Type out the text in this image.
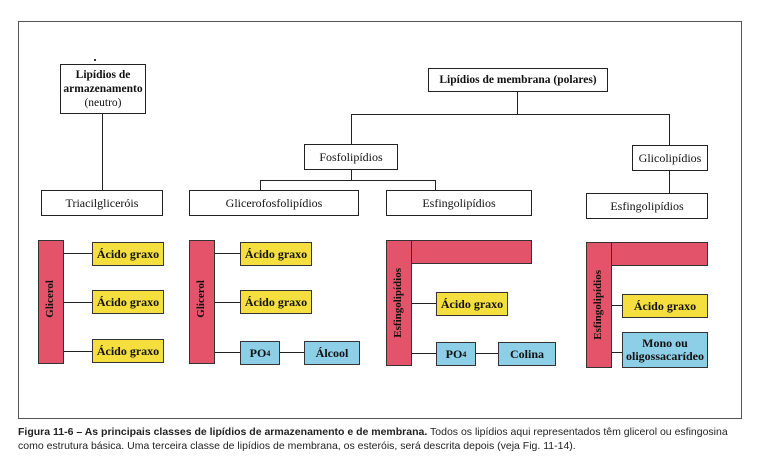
Lipídios de
armazenamento
(neutro)
Lipídios de membrana (polares)
Fosfolipídios	Glicolipídios
Triacilgliceróis	Glicerofosfolipídios	Esfingolipídios	Esfingolipídios
Glicerol
Ácido graxo
Ácido graxo
Ácido graxo
Glicerol
Ácido graxo
Ácido graxo
PO 4	Álcool
Esfingolipídios	Ácido graxo
PO 4	Colina
Esfingolipídios	Ácido graxo
Mono ou
oligossacarídeo
Figura 11-6 – As principais classes de lipídios de armazenamento e de membrana. Todos os lipídios aqui representados têm glicerol ou esfingosina como estrutura básica. Uma terceira classe de lipídios de membrana, os esteróis, será descrita depois (veja Fig. 11-14).
